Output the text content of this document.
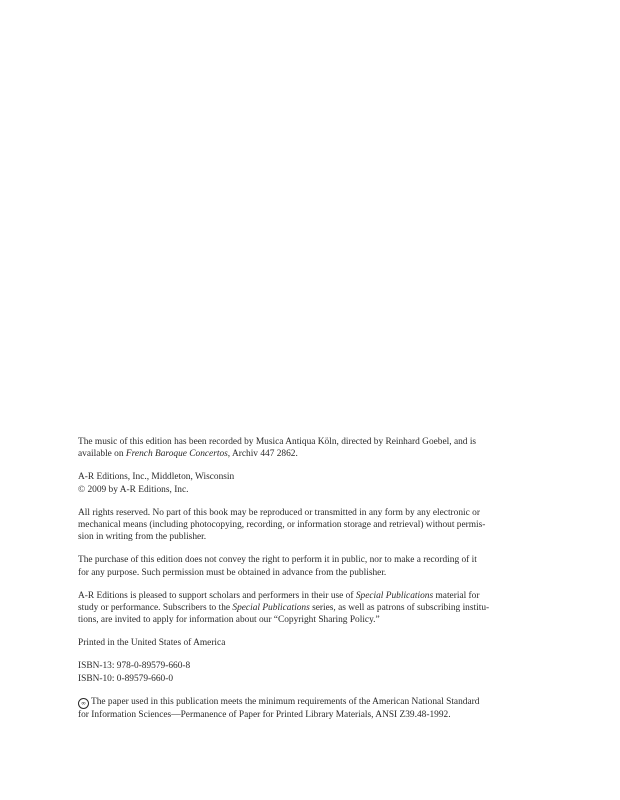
The music of this edition has been recorded by Musica Antiqua Köln, directed by Reinhard Goebel, and is
available on French Baroque Concertos, Archiv 447 2862.

A-R Editions, Inc., Middleton, Wisconsin
© 2009 by A-R Editions, Inc.

All rights reserved. No part of this book may be reproduced or transmitted in any form by any electronic or
mechanical means (including photocopying, recording, or information storage and retrieval) without permis-
sion in writing from the publisher.

The purchase of this edition does not convey the right to perform it in public, nor to make a recording of it
for any purpose. Such permission must be obtained in advance from the publisher.

A-R Editions is pleased to support scholars and performers in their use of Special Publications material for
study or performance. Subscribers to the Special Publications series, as well as patrons of subscribing institu-
tions, are invited to apply for information about our “Copyright Sharing Policy.”

Printed in the United States of America

ISBN-13: 978-0-89579-660-8
ISBN-10: 0-89579-660-0

∞ The paper used in this publication meets the minimum requirements of the American National Standard
for Information Sciences—Permanence of Paper for Printed Library Materials, ANSI Z39.48-1992.
